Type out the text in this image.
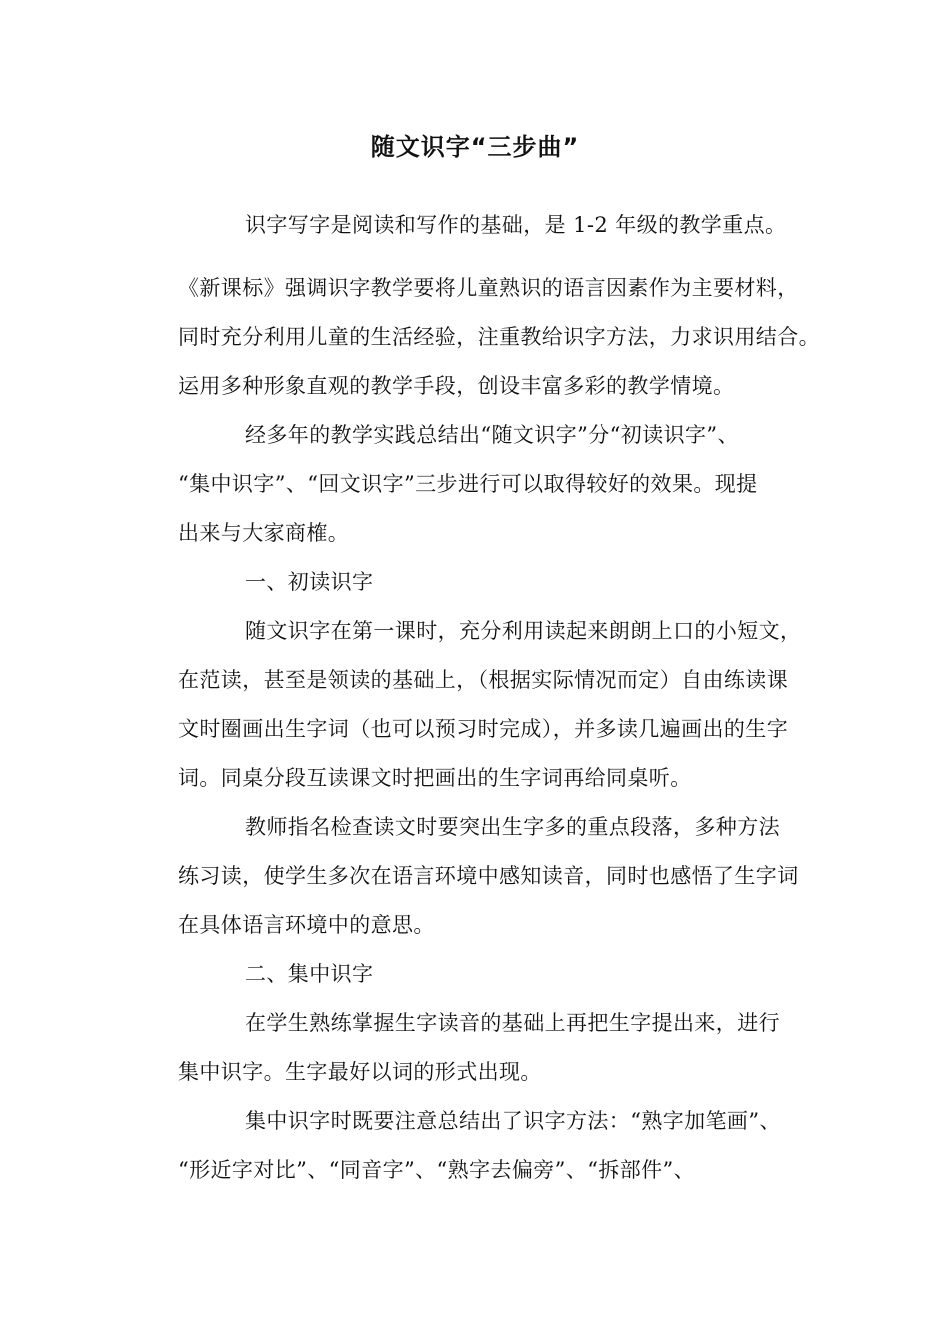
随文识字“三步曲”
识字写字是阅读和写作的基础，是 1-2 年级的教学重点。
《新课标》强调识字教学要将儿童熟识的语言因素作为主要材料，
同时充分利用儿童的生活经验，注重教给识字方法，力求识用结合。
运用多种形象直观的教学手段，创设丰富多彩的教学情境。
经多年的教学实践总结出“随文识字”分“初读识字”、
“集中识字”、“回文识字”三步进行可以取得较好的效果。现提
出来与大家商榷。
一、初读识字
随文识字在第一课时，充分利用读起来朗朗上口的小短文，
在范读，甚至是领读的基础上，（根据实际情况而定）自由练读课
文时圈画出生字词（也可以预习时完成），并多读几遍画出的生字
词。同桌分段互读课文时把画出的生字词再给同桌听。
教师指名检查读文时要突出生字多的重点段落，多种方法
练习读，使学生多次在语言环境中感知读音，同时也感悟了生字词
在具体语言环境中的意思。
二、集中识字
在学生熟练掌握生字读音的基础上再把生字提出来，进行
集中识字。生字最好以词的形式出现。
集中识字时既要注意总结出了识字方法：“熟字加笔画”、
“形近字对比”、“同音字”、“熟字去偏旁”、“拆部件”、
